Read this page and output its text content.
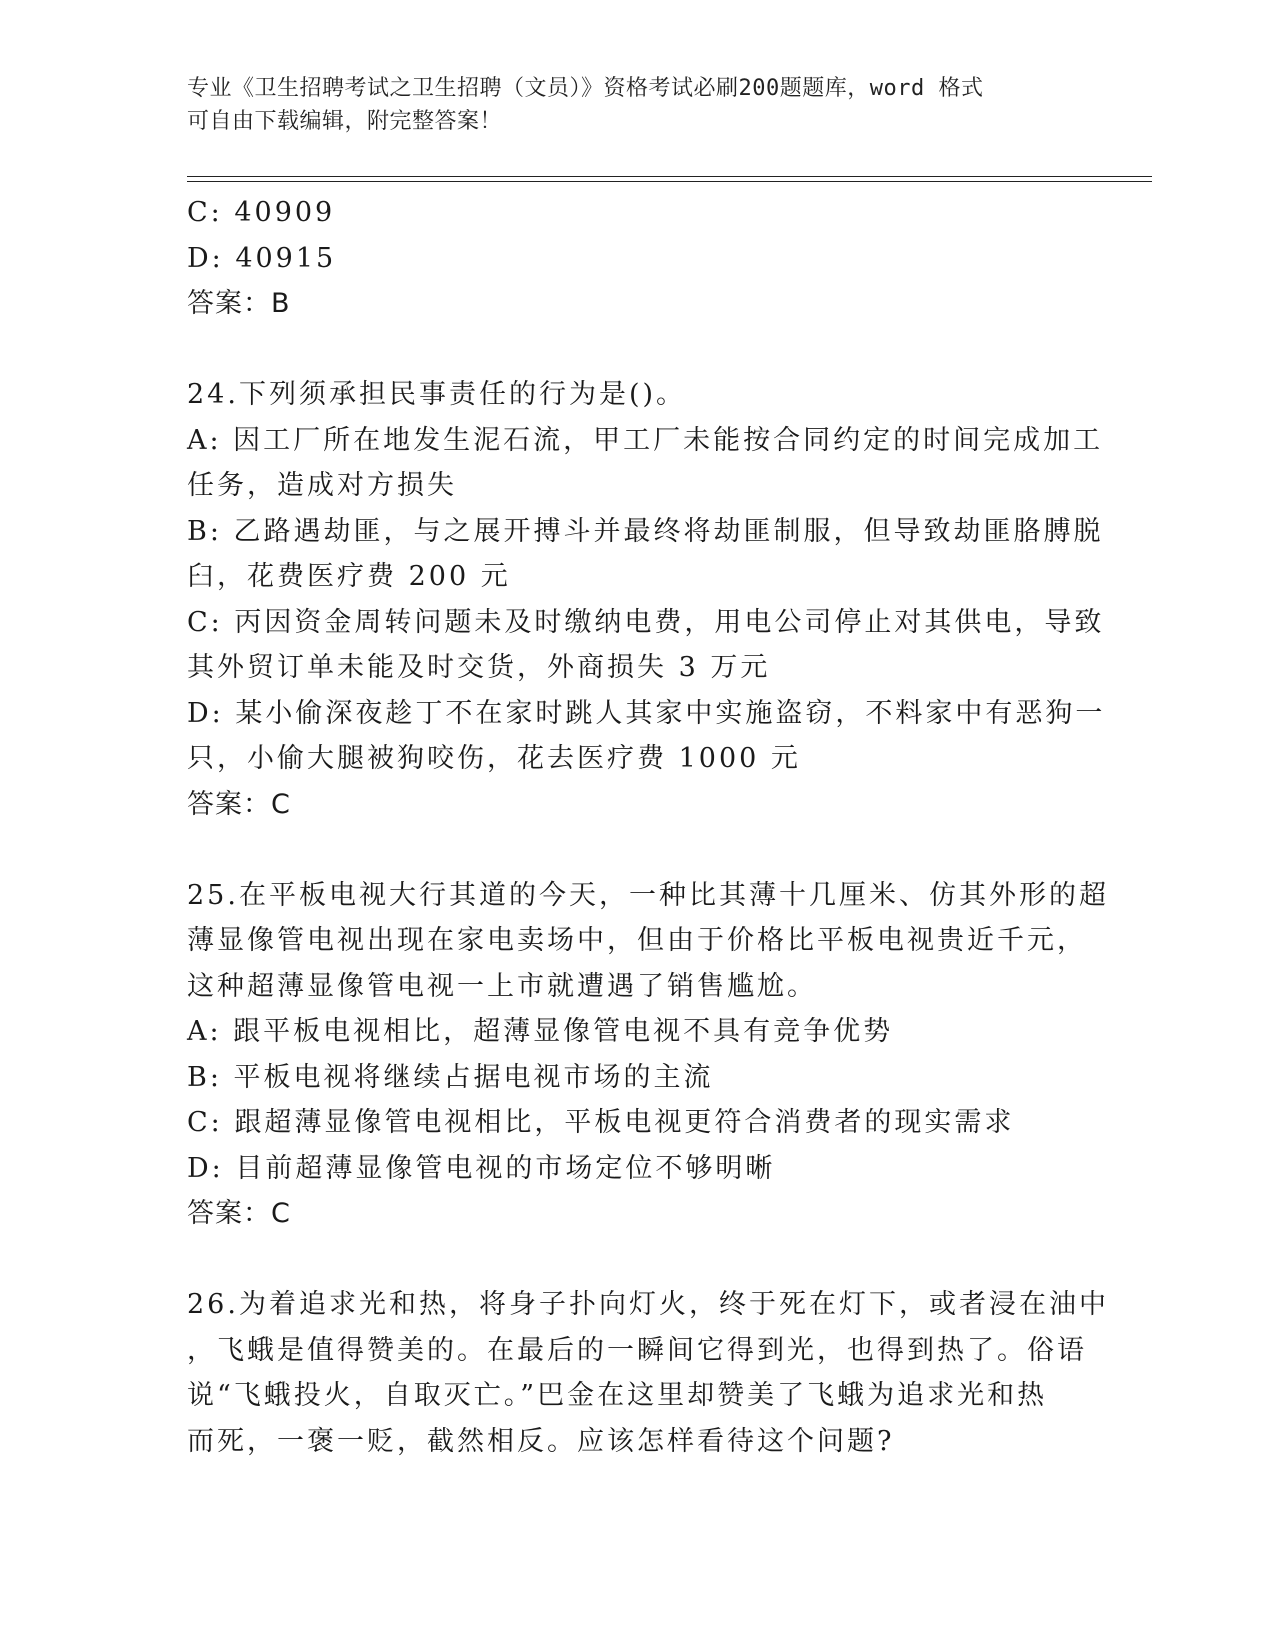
专业《卫生招聘考试之卫生招聘（文员）》资格考试必刷200题题库，word 格式
可自由下载编辑，附完整答案！

C: 40909

D: 40915

答案：B

24.下列须承担民事责任的行为是()。

A: 因工厂所在地发生泥石流，甲工厂未能按合同约定的时间完成加工

任务，造成对方损失

B: 乙路遇劫匪，与之展开搏斗并最终将劫匪制服，但导致劫匪胳膊脱

臼，花费医疗费 200 元

C: 丙因资金周转问题未及时缴纳电费，用电公司停止对其供电，导致

其外贸订单未能及时交货，外商损失 3 万元

D: 某小偷深夜趁丁不在家时跳人其家中实施盗窃，不料家中有恶狗一

只，小偷大腿被狗咬伤，花去医疗费 1000 元

答案：C

25.在平板电视大行其道的今天，一种比其薄十几厘米、仿其外形的超

薄显像管电视出现在家电卖场中，但由于价格比平板电视贵近千元，

这种超薄显像管电视一上市就遭遇了销售尴尬。

A: 跟平板电视相比，超薄显像管电视不具有竞争优势

B: 平板电视将继续占据电视市场的主流

C: 跟超薄显像管电视相比，平板电视更符合消费者的现实需求

D: 目前超薄显像管电视的市场定位不够明晰

答案：C

26.为着追求光和热，将身子扑向灯火，终于死在灯下，或者浸在油中

，飞蛾是值得赞美的。在最后的一瞬间它得到光，也得到热了。俗语

说“飞蛾投火，自取灭亡。”巴金在这里却赞美了飞蛾为追求光和热

而死，一褒一贬，截然相反。应该怎样看待这个问题?
